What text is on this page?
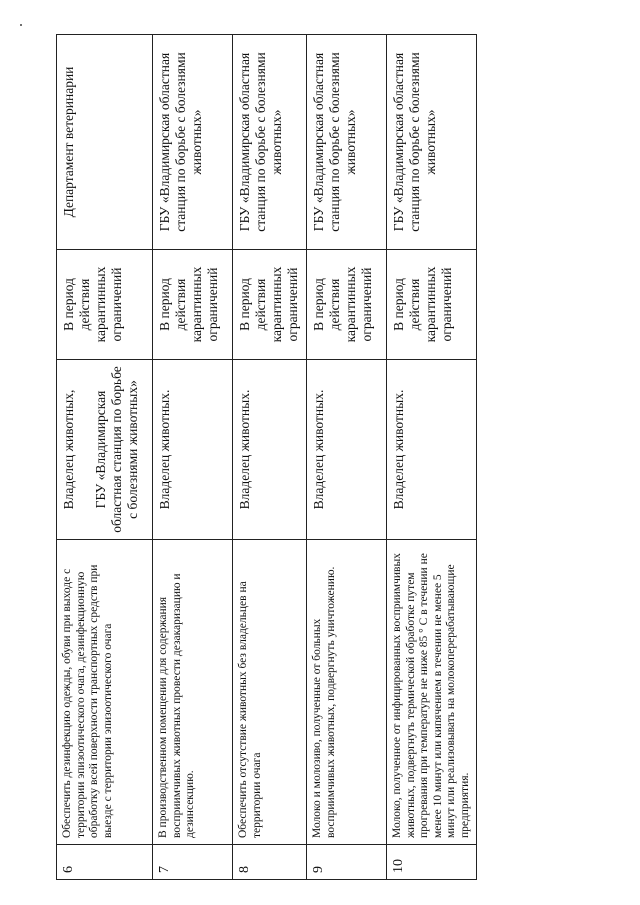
6	Обеспечить дезинфекцию одежды, обуви при выходе с территории эпизоотического очага, дезинфекционную обработку всей поверхности транспортных средств при выезде с территории эпизоотического очага	Владелец животных, ГБУ «Владимирская областная станция по борьбе с болезнями животных»	В период действия карантинных ограничений	Департамент ветеринарии
7	В производственном помещении для содержания восприимчивых животных провести дезакаризацию и дезинсекцию.	Владелец животных.	В период действия карантинных ограничений	ГБУ «Владимирская областная станция по борьбе с болезнями животных»
8	Обеспечить отсутствие животных без владельцев на территории очага	Владелец животных.	В период действия карантинных ограничений	ГБУ «Владимирская областная станция по борьбе с болезнями животных»
9	Молоко и молозиво, полученные от больных восприимчивых животных, подвергнуть уничтожению.	Владелец животных.	В период действия карантинных ограничений	ГБУ «Владимирская областная станция по борьбе с болезнями животных»
10	Молоко, полученное от инфицированных восприимчивых животных, подвергнуть термической обработке путем прогревания при температуре не ниже 85 ° С в течении не менее 10 минут или кипячением в течении не менее 5 минут или реализовывать на молокоперерабатывающие предприятия.	Владелец животных.	В период действия карантинных ограничений	ГБУ «Владимирская областная станция по борьбе с болезнями животных»
